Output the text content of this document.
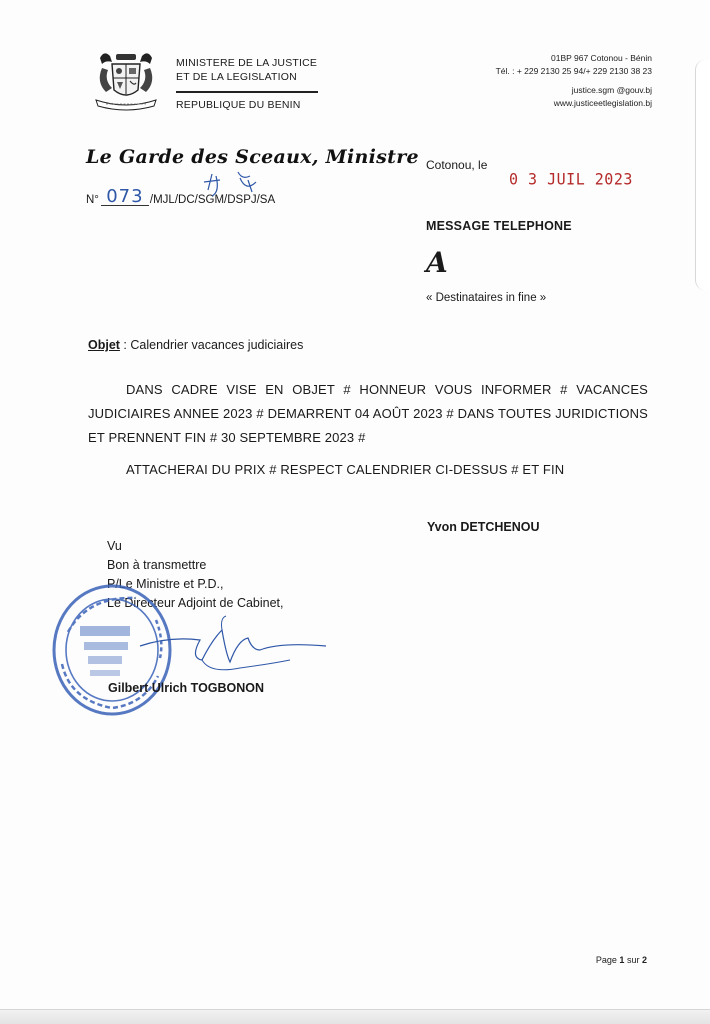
MINISTERE DE LA JUSTICE
ET DE LA LEGISLATION
REPUBLIQUE DU BENIN
01BP 967 Cotonou - Bénin
Tél. : + 229 2130 25 94/+ 229 2130 38 23
justice.sgm @gouv.bj
www.justiceetlegislation.bj
Le Garde des Sceaux, Ministre
N° 073 /MJL/DC/SGM/DSPJ/SA
Cotonou, le
0 3 JUIL 2023
MESSAGE TELEPHONE
A
« Destinataires in fine »
Objet : Calendrier vacances judiciaires

DANS CADRE VISE EN OBJET # HONNEUR VOUS INFORMER # VACANCES JUDICIAIRES ANNEE 2023 # DEMARRENT 04 AOÛT 2023 # DANS TOUTES JURIDICTIONS ET PRENNENT FIN # 30 SEPTEMBRE 2023 #

ATTACHERAI DU PRIX # RESPECT CALENDRIER CI-DESSUS # ET FIN

Yvon DETCHENOU
Vu
Bon à transmettre
P/Le Ministre et P.D.,
Le Directeur Adjoint de Cabinet,
Gilbert Ulrich TOGBONON
Page 1 sur 2
